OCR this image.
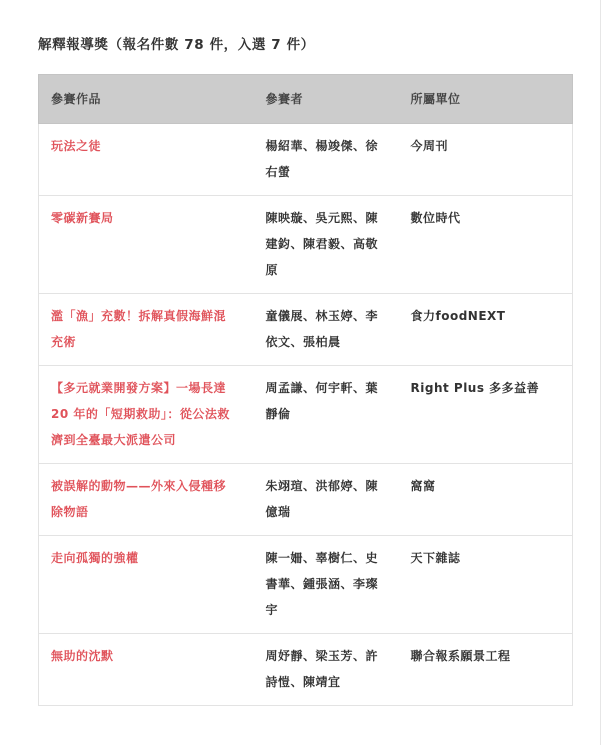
解釋報導獎（報名件數 78 件，入選 7 件）
參賽作品	參賽者	所屬單位
玩法之徒	楊紹華、楊竣傑、徐右螢	今周刊
零碳新賽局	陳映璇、吳元熙、陳建鈞、陳君毅、高敬原	數位時代
濫「漁」充數！拆解真假海鮮混充術	童儀展、林玉婷、李依文、張柏晨	食力foodNEXT
【多元就業開發方案】一場長達 20 年的「短期救助」：從公法救濟到全臺最大派遣公司	周孟謙、何宇軒、葉靜倫	Right Plus 多多益善
被誤解的動物——外來入侵種移除物語	朱翊瑄、洪郁婷、陳億瑞	窩窩
走向孤獨的強權	陳一姍、辜樹仁、史書華、鍾張涵、李璨宇	天下雜誌
無助的沈默	周妤靜、梁玉芳、許詩愷、陳靖宜	聯合報系願景工程
